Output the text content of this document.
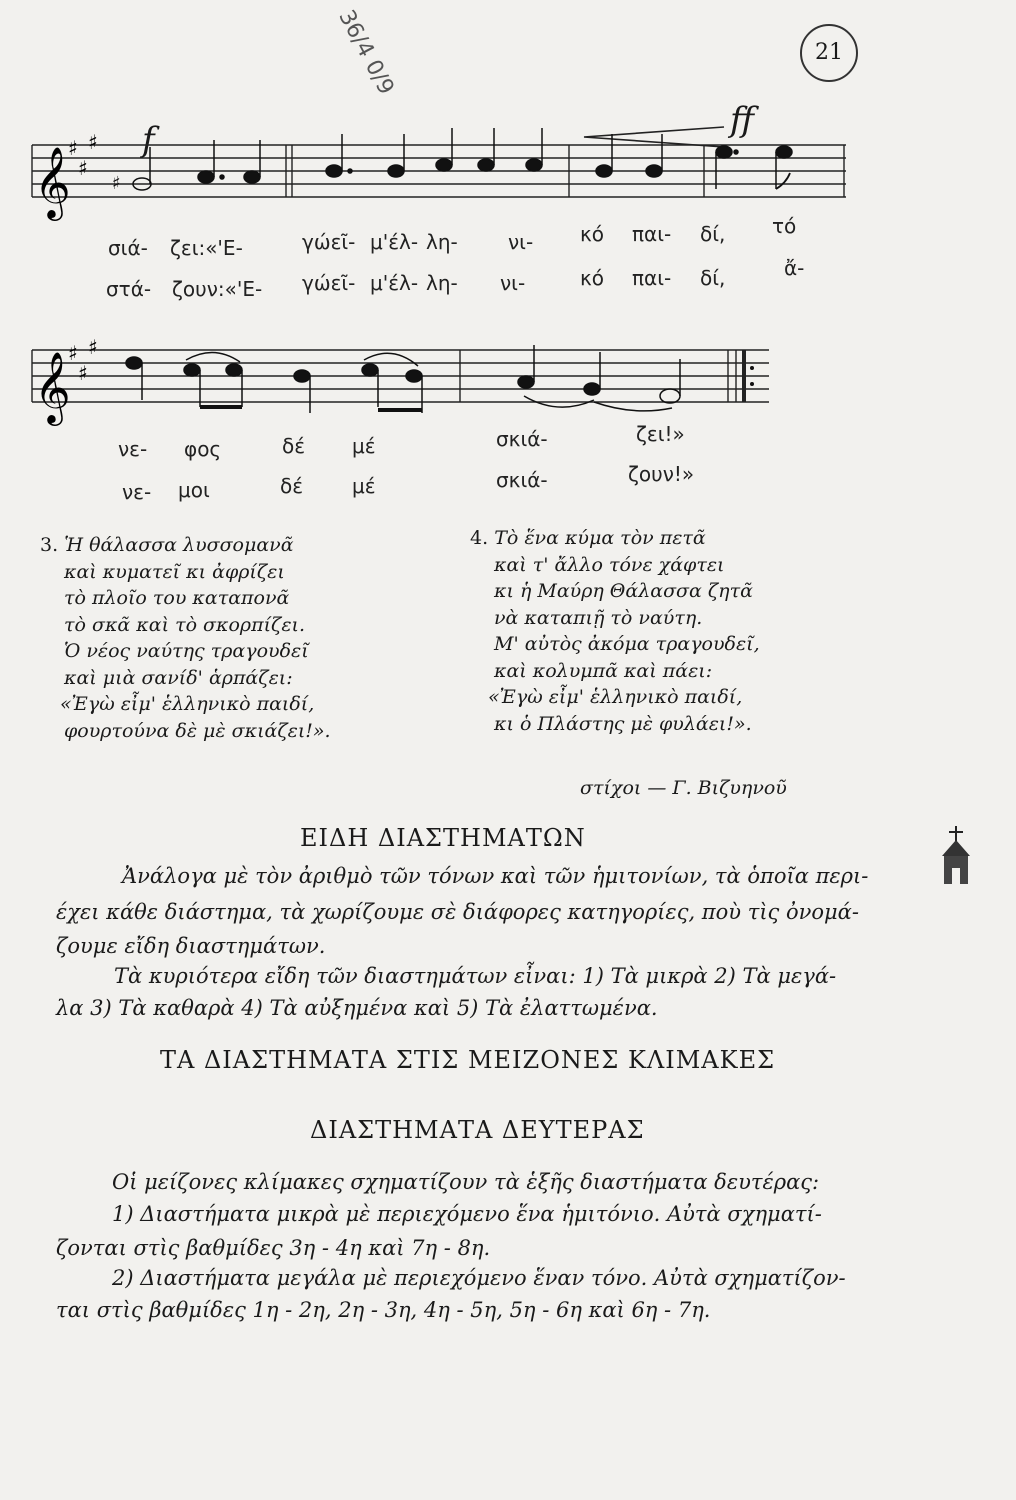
36/4 0/9	21
f	ff
𝄞
♯
♯
♯
♯
σιά- ζει:«'Ε-	γώεῖ- μ'έλ- λη-	νι- κό παι- δί, τό
στά- ζουν:«'Ε- γώεῖ- μ'έλ- λη- νι-	κό παι- δί,	ἄ-
𝄞
♯
♯
♯
νε- φος	δέ μέ	σκιά-	ζει!»
νε- μοι	δέ μέ	σκιά-	ζουν!»
3. Ἡ θάλασσα λυσσομανᾶ
καὶ κυματεῖ κι ἀφρίζει
τὸ πλοῖο του καταπονᾶ
τὸ σκᾶ καὶ τὸ σκορπίζει.
Ὁ νέος ναύτης τραγουδεῖ
καὶ μιὰ σανίδ' ἁρπάζει:
«Ἐγὼ εἶμ' ἑλληνικὸ παιδί,
φουρτούνα δὲ μὲ σκιάζει!».
4. Τὸ ἕνα κύμα τὸν πετᾶ
καὶ τ' ἄλλο τόνε χάφτει
κι ἡ Μαύρη Θάλασσα ζητᾶ
νὰ καταπιῇ τὸ ναύτη.
Μ' αὐτὸς ἀκόμα τραγουδεῖ,
καὶ κολυμπᾶ καὶ πάει:
«Ἐγὼ εἶμ' ἑλληνικὸ παιδί,
κι ὁ Πλάστης μὲ φυλάει!».
στίχοι — Γ. Βιζυηνοῦ
ΕΙΔΗ ΔΙΑΣΤΗΜΑΤΩΝ
Ἀνάλογα μὲ τὸν ἀριθμὸ τῶν τόνων καὶ τῶν ἡμιτονίων, τὰ ὁποῖα περι-
έχει κάθε διάστημα, τὰ χωρίζουμε σὲ διάφορες κατηγορίες, ποὺ τὶς ὀνομά-
ζουμε εἴδη διαστημάτων.
Τὰ κυριότερα εἴδη τῶν διαστημάτων εἶναι: 1) Τὰ μικρὰ 2) Τὰ μεγά-
λα 3) Τὰ καθαρὰ 4) Τὰ αὐξημένα καὶ 5) Τὰ ἐλαττωμένα.
ΤΑ ΔΙΑΣΤΗΜΑΤΑ ΣΤΙΣ ΜΕΙΖΟΝΕΣ ΚΛΙΜΑΚΕΣ
ΔΙΑΣΤΗΜΑΤΑ ΔΕΥΤΕΡΑΣ
Οἱ μείζονες κλίμακες σχηματίζουν τὰ ἑξῆς διαστήματα δευτέρας:
1) Διαστήματα μικρὰ μὲ περιεχόμενο ἕνα ἡμιτόνιο. Αὐτὰ σχηματί-
ζονται στὶς βαθμίδες 3η - 4η καὶ 7η - 8η.
2) Διαστήματα μεγάλα μὲ περιεχόμενο ἕναν τόνο. Αὐτὰ σχηματίζον-
ται στὶς βαθμίδες 1η - 2η, 2η - 3η, 4η - 5η, 5η - 6η καὶ 6η - 7η.
